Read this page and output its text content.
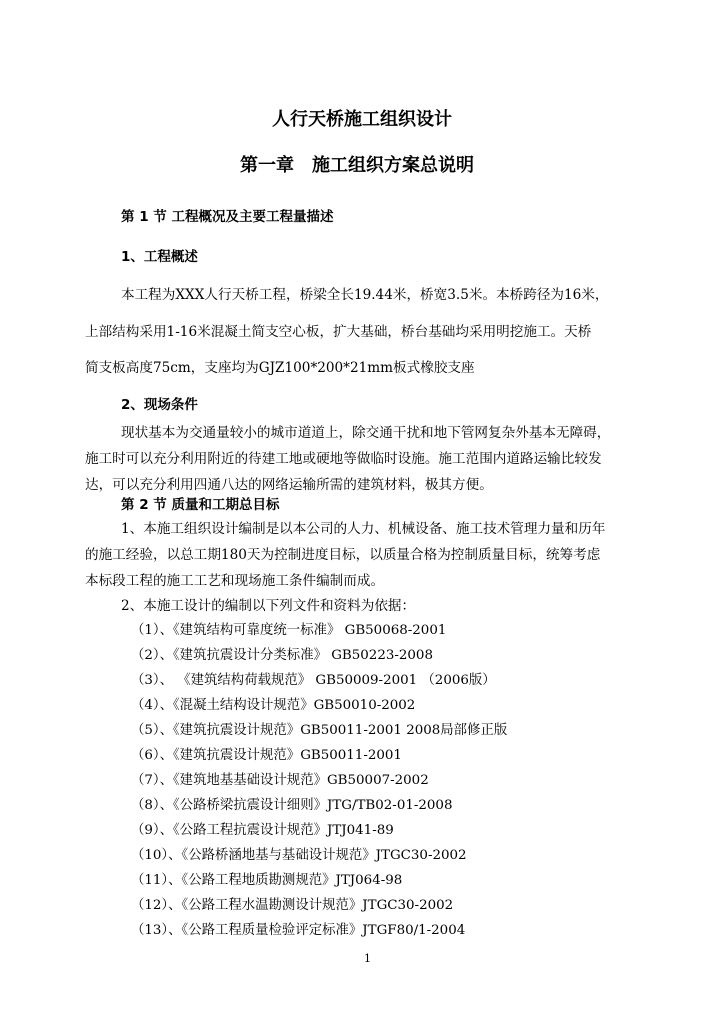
人行天桥施工组织设计
第一章　施工组织方案总说明
第 1 节 工程概况及主要工程量描述
1、工程概述
本工程为XXX人行天桥工程，桥梁全长19.44米，桥宽3.5米。本桥跨径为16米，
上部结构采用1-16米混凝土简支空心板，扩大基础，桥台基础均采用明挖施工。天桥
简支板高度75cm，支座均为GJZ100*200*21mm板式橡胶支座
2、现场条件
现状基本为交通量较小的城市道道上，除交通干扰和地下管网复杂外基本无障碍，
施工时可以充分利用附近的待建工地或硬地等做临时设施。施工范围内道路运输比较发
达，可以充分利用四通八达的网络运输所需的建筑材料，极其方便。
第 2 节 质量和工期总目标
1、本施工组织设计编制是以本公司的人力、机械设备、施工技术管理力量和历年
的施工经验，以总工期180天为控制进度目标，以质量合格为控制质量目标，统筹考虑
本标段工程的施工工艺和现场施工条件编制而成。
2、本施工设计的编制以下列文件和资料为依据：
（1）、《建筑结构可靠度统一标准》 GB50068-2001
（2）、《建筑抗震设计分类标准》 GB50223-2008
（3）、 《建筑结构荷载规范》 GB50009-2001 （2006版）
（4）、《混凝土结构设计规范》GB50010-2002
（5）、《建筑抗震设计规范》GB50011-2001 2008局部修正版
（6）、《建筑抗震设计规范》GB50011-2001
（7）、《建筑地基基础设计规范》GB50007-2002
（8）、《公路桥梁抗震设计细则》JTG/TB02-01-2008
（9）、《公路工程抗震设计规范》JTJ041-89
（10）、《公路桥涵地基与基础设计规范》JTGC30-2002
（11）、《公路工程地质勘测规范》JTJ064-98
（12）、《公路工程水温勘测设计规范》JTGC30-2002
（13）、《公路工程质量检验评定标准》JTGF80/1-2004
1
